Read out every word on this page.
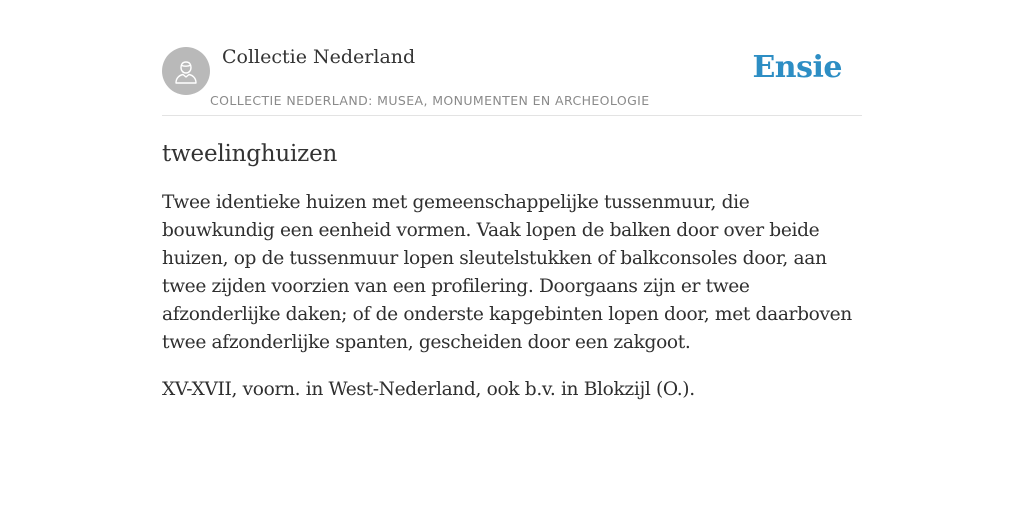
Collectie Nederland
COLLECTIE NEDERLAND: MUSEA, MONUMENTEN EN ARCHEOLOGIE
Ensie
tweelinghuizen

Twee identieke huizen met gemeenschappelijke tussenmuur, die bouwkundig een eenheid vormen. Vaak lopen de balken door over beide huizen, op de tussenmuur lopen sleutelstukken of balkconsoles door, aan twee zijden voorzien van een profilering. Doorgaans zijn er twee afzonderlijke daken; of de onderste kapgebinten lopen door, met daarboven twee afzonderlijke spanten, gescheiden door een zakgoot.

XV-XVII, voorn. in West-Nederland, ook b.v. in Blokzijl (O.).
